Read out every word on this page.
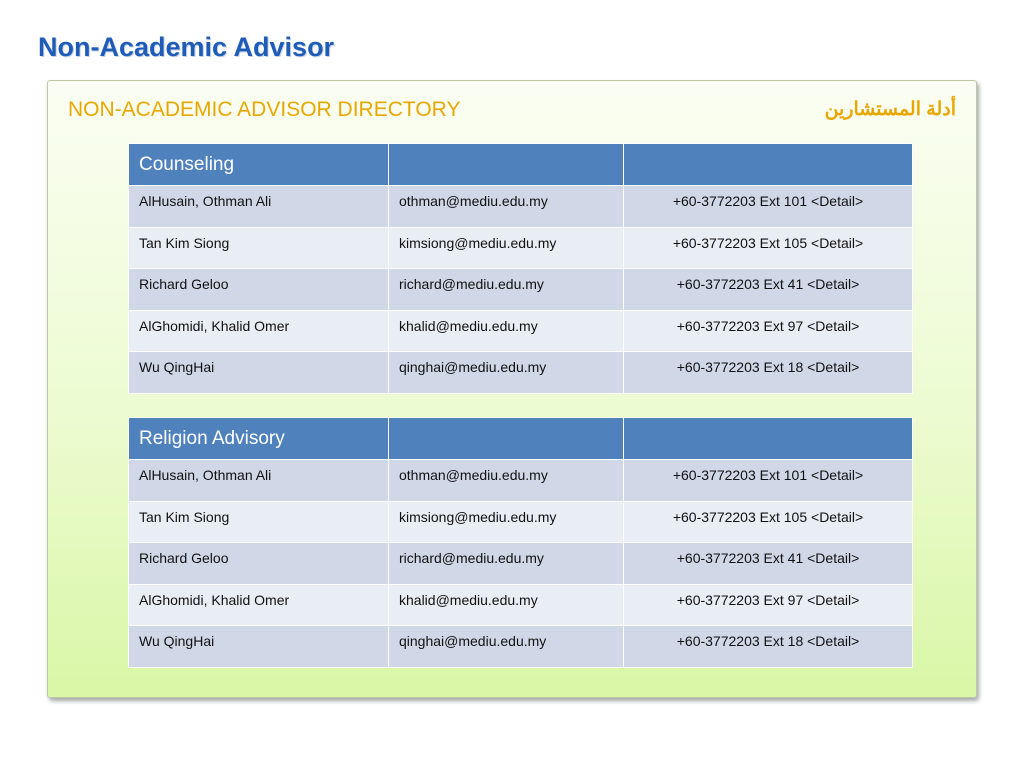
Non-Academic Advisor
NON-ACADEMIC ADVISOR DIRECTORY	أدلة المستشارين
Counseling		
AlHusain, Othman Ali	othman@mediu.edu.my	+60-3772203 Ext 101 <Detail>
Tan Kim Siong	kimsiong@mediu.edu.my	+60-3772203 Ext 105 <Detail>
Richard Geloo	richard@mediu.edu.my	+60-3772203 Ext 41 <Detail>
AlGhomidi, Khalid Omer	khalid@mediu.edu.my	+60-3772203 Ext 97 <Detail>
Wu QingHai	qinghai@mediu.edu.my	+60-3772203 Ext 18 <Detail>
Religion Advisory		
AlHusain, Othman Ali	othman@mediu.edu.my	+60-3772203 Ext 101 <Detail>
Tan Kim Siong	kimsiong@mediu.edu.my	+60-3772203 Ext 105 <Detail>
Richard Geloo	richard@mediu.edu.my	+60-3772203 Ext 41 <Detail>
AlGhomidi, Khalid Omer	khalid@mediu.edu.my	+60-3772203 Ext 97 <Detail>
Wu QingHai	qinghai@mediu.edu.my	+60-3772203 Ext 18 <Detail>
